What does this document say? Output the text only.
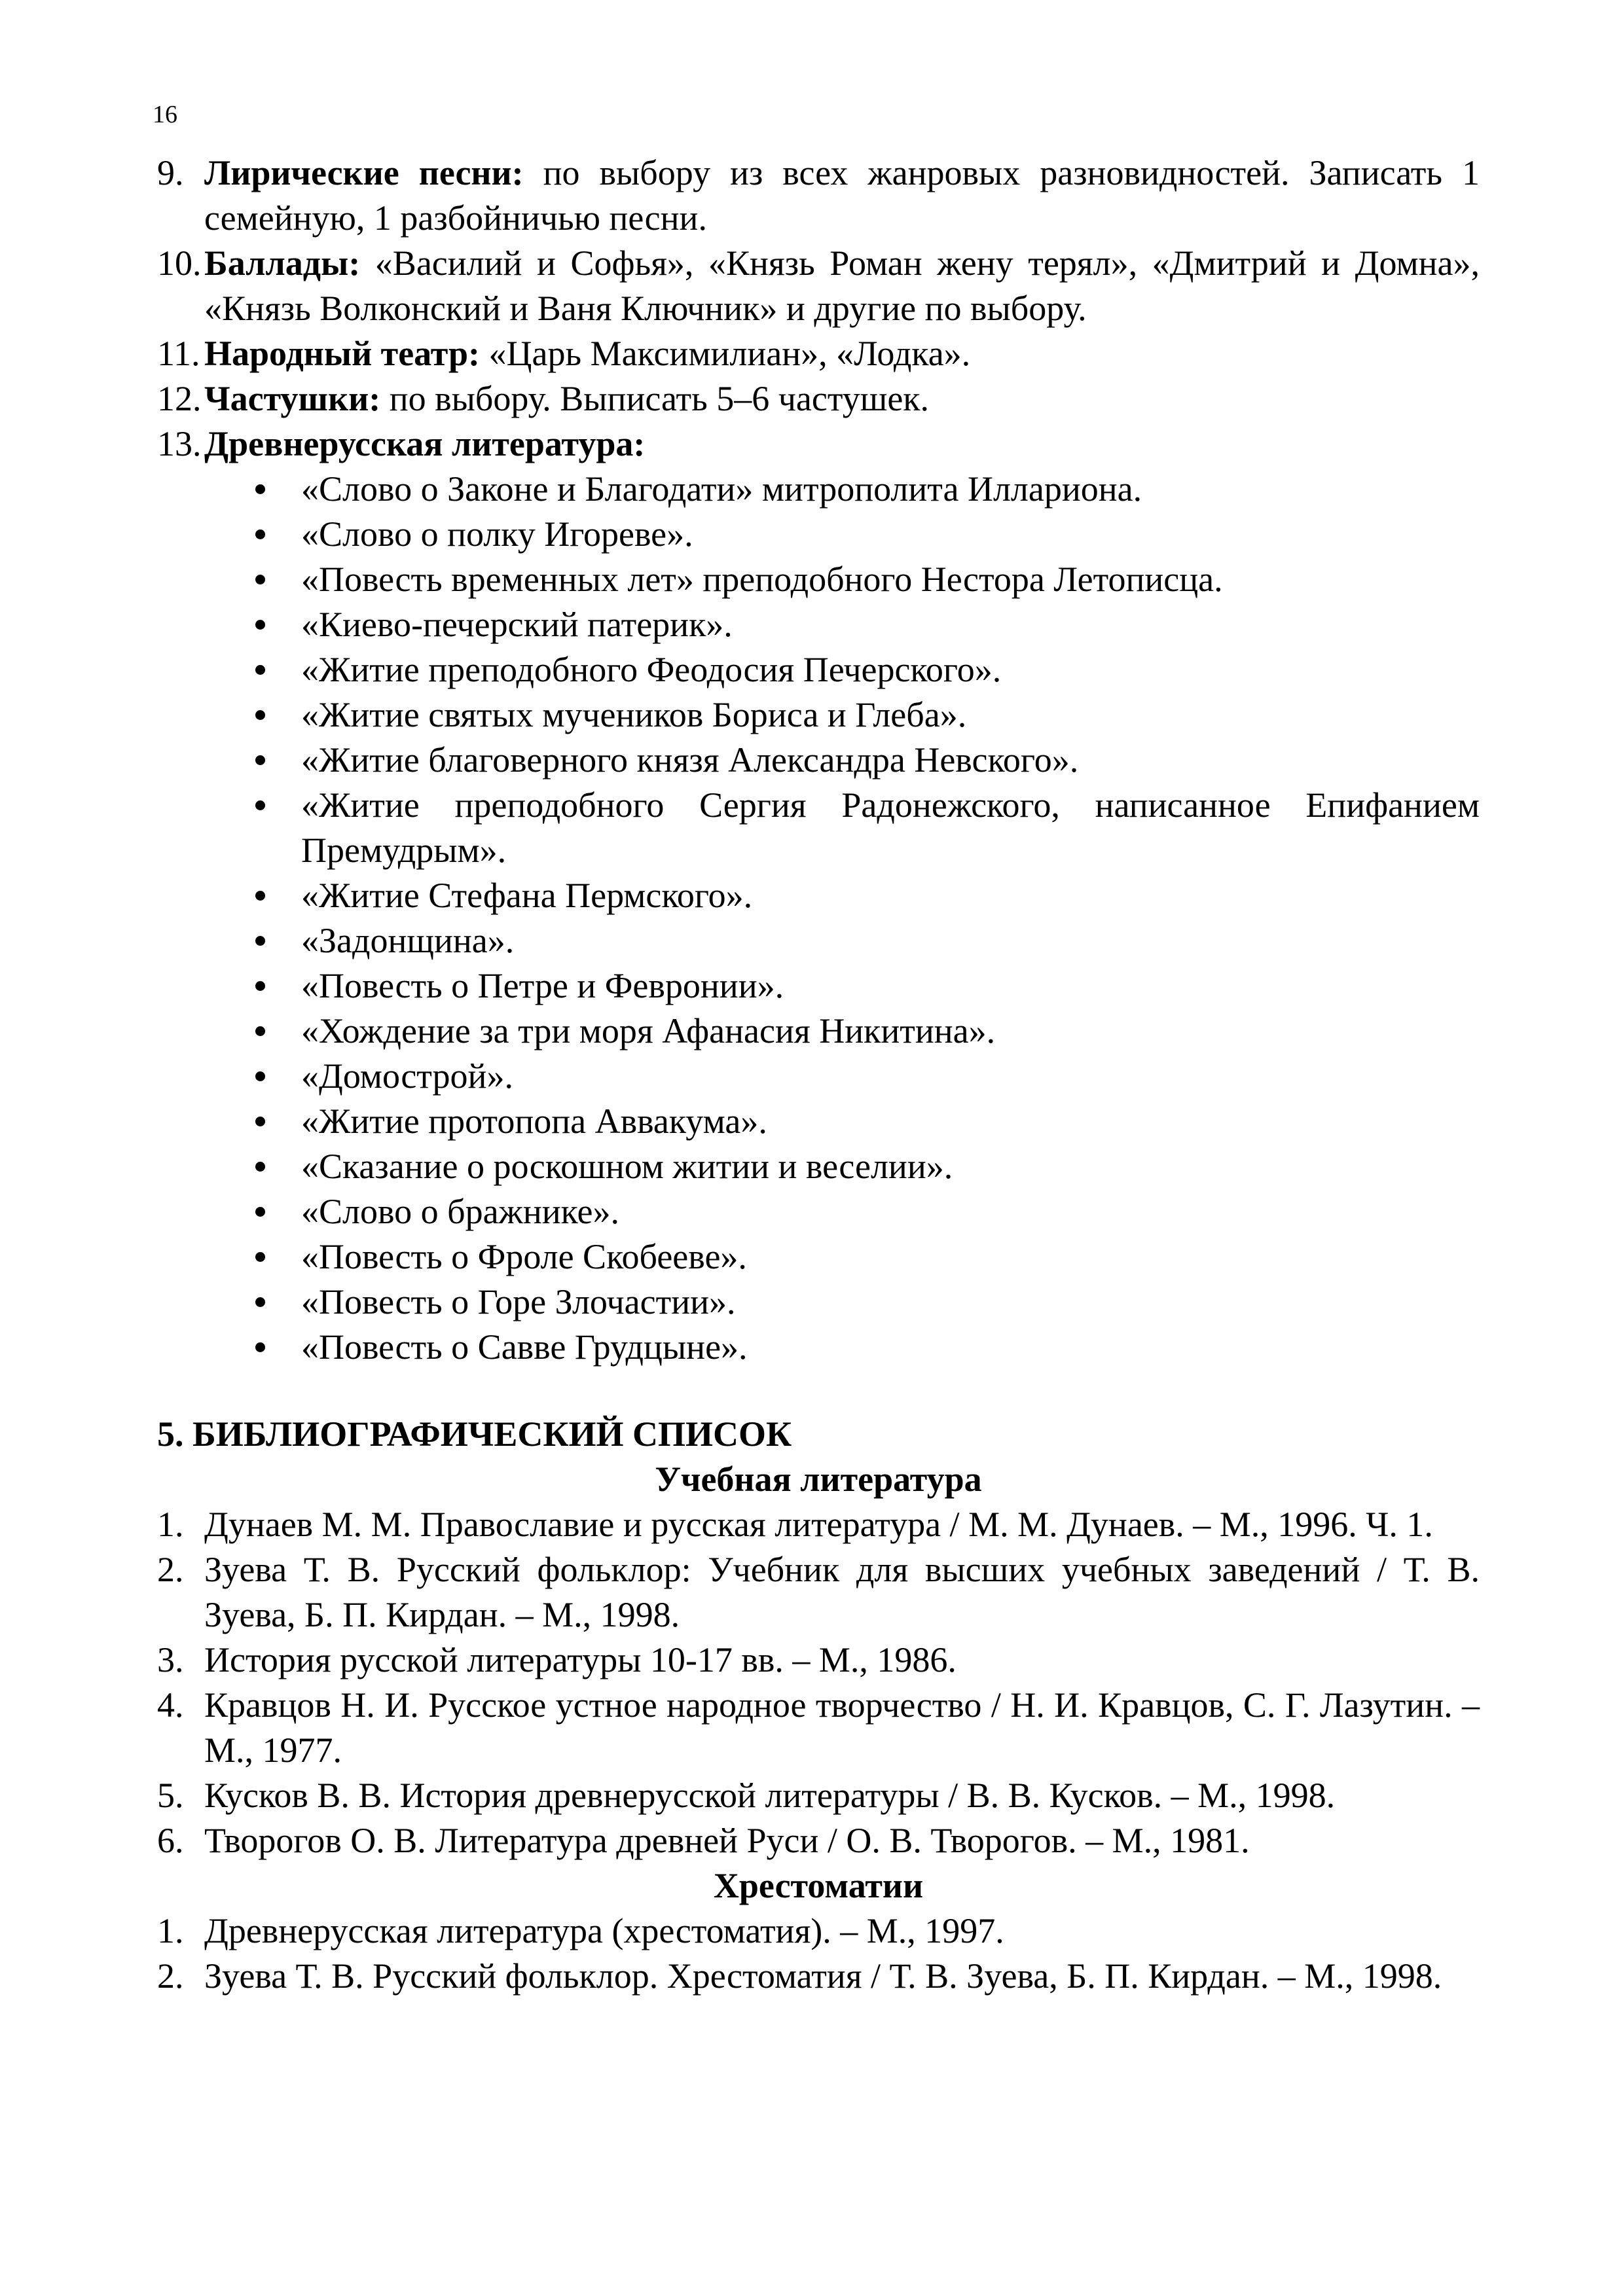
16

9. Лирические песни: по выбору из всех жанровых разновидностей. Записать 1 семейную, 1 разбойничью песни.

10. Баллады: «Василий и Софья», «Князь Роман жену терял», «Дмитрий и Домна», «Князь Волконский и Ваня Ключник» и другие по выбору.

11. Народный театр: «Царь Максимилиан», «Лодка».

12. Частушки: по выбору. Выписать 5–6 частушек.

13. Древнерусская литература:

«Слово о Законе и Благодати» митрополита Иллариона.
«Слово о полку Игореве».
«Повесть временных лет» преподобного Нестора Летописца.
«Киево-печерский патерик».
«Житие преподобного Феодосия Печерского».
«Житие святых мучеников Бориса и Глеба».
«Житие благоверного князя Александра Невского».
«Житие преподобного Сергия Радонежского, написанное Епифанием Премудрым».
«Житие Стефана Пермского».
«Задонщина».
«Повесть о Петре и Февронии».
«Хождение за три моря Афанасия Никитина».
«Домострой».
«Житие протопопа Аввакума».
«Сказание о роскошном житии и веселии».
«Слово о бражнике».
«Повесть о Фроле Скобееве».
«Повесть о Горе Злочастии».
«Повесть о Савве Грудцыне».

5. БИБЛИОГРАФИЧЕСКИЙ СПИСОК

Учебная литература

1. Дунаев М. М. Православие и русская литература / М. М. Дунаев. – М., 1996. Ч. 1.

2. Зуева Т. В. Русский фольклор: Учебник для высших учебных заведений / Т. В. Зуева, Б. П. Кирдан. – М., 1998.

3. История русской литературы 10-17 вв. – М., 1986.

4. Кравцов Н. И. Русское устное народное творчество / Н. И. Кравцов, С. Г. Лазутин. – М., 1977.

5. Кусков В. В. История древнерусской литературы / В. В. Кусков. – М., 1998.

6. Творогов О. В. Литература древней Руси / О. В. Творогов. – М., 1981.

Хрестоматии

1. Древнерусская литература (хрестоматия). – М., 1997.

2. Зуева Т. В. Русский фольклор. Хрестоматия / Т. В. Зуева, Б. П. Кирдан. – М., 1998.
